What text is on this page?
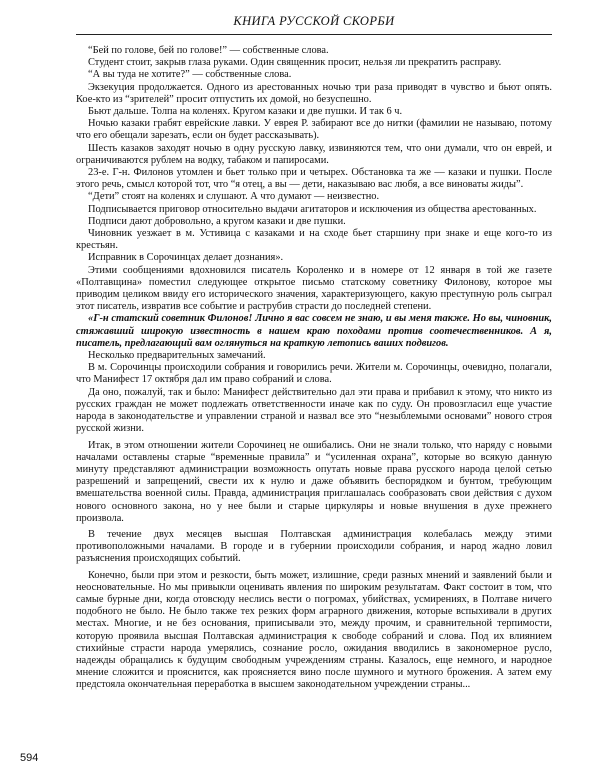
КНИГА РУССКОЙ СКОРБИ

“Бей по голове, бей по голове!” — собственные слова.

Студент стоит, закрыв глаза руками. Один священник просит, нельзя ли прекратить расправу.

“А вы туда не хотите?” — собственные слова.

Экзекуция продолжается. Одного из арестованных ночью три раза приводят в чувство и бьют опять. Кое-кто из “зрителей” просит отпустить их домой, но безуспешно.

Бьют дальше. Толпа на коленях. Кругом казаки и две пушки. И так 6 ч.

Ночью казаки грабят еврейские лавки. У еврея Р. забирают все до нитки (фамилии не называю, потому что его обещали зарезать, если он будет рассказывать).

Шесть казаков заходят ночью в одну русскую лавку, извиняются тем, что они думали, что он еврей, и ограничиваются рублем на водку, табаком и папиросами.

23-е. Г-н. Филонов утомлен и бьет только при и четырех. Обстановка та же — казаки и пушки. После этого речь, смысл которой тот, что “я отец, а вы — дети, наказываю вас любя, а все виноваты жиды”.

“Дети” стоят на коленях и слушают. А что думают — неизвестно.

Подписывается приговор относительно выдачи агитаторов и исключения из общества арестованных.

Подписи дают добровольно, а кругом казаки и две пушки.

Чиновник уезжает в м. Устивица с казаками и на сходе бьет старшину при знаке и еще кого-то из крестьян.

Исправник в Сорочинцах делает дознания».

Этими сообщениями вдохновился писатель Короленко и в номере от 12 января в той же газете «Полтавщина» поместил следующее открытое письмо статскому советнику Филонову, которое мы приводим целиком ввиду его исторического значения, характеризующего, какую преступную роль сыграл этот писатель, извратив все событие и раструбив страсти до последней степени.

«Г-н статский советник Филонов! Лично я вас совсем не знаю, и вы меня также. Но вы, чиновник, стяжавший широкую известность в нашем краю походами против соотечественников. А я, писатель, предлагающий вам оглянуться на краткую летопись ваших подвигов.

Несколько предварительных замечаний.

В м. Сорочинцы происходили собрания и говорились речи. Жители м. Сорочинцы, очевидно, полагали, что Манифест 17 октября дал им право собраний и слова.

Да оно, пожалуй, так и было: Манифест действительно дал эти права и прибавил к этому, что никто из русских граждан не может подлежать ответственности иначе как по суду. Он провозгласил еще участие народа в законодательстве и управлении страной и назвал все это “незыблемыми основами” нового строя русской жизни.

Итак, в этом отношении жители Сорочинец не ошибались. Они не знали только, что наряду с новыми началами оставлены старые “временные правила” и “усиленная охрана”, которые во всякую данную минуту представляют администрации возможность опутать новые права русского народа целой сетью разрешений и запрещений, свести их к нулю и даже объявить беспорядком и бунтом, требующим вмешательства военной силы. Правда, администрация приглашалась сообразовать свои действия с духом нового основного закона, но у нее были и старые циркуляры и новые внушения в духе прежнего произвола.

В течение двух месяцев высшая Полтавская администрация колебалась между этими противоположными началами. В городе и в губернии происходили собрания, и народ жадно ловил разъяснения происходящих событий.

Конечно, были при этом и резкости, быть может, излишние, среди разных мнений и заявлений были и неосновательные. Но мы привыкли оценивать явления по широким результатам. Факт состоит в том, что самые бурные дни, когда отовсюду неслись вести о погромах, убийствах, усмирениях, в Полтаве ничего подобного не было. Не было также тех резких форм аграрного движения, которые вспыхивали в других местах. Многие, и не без основания, приписывали это, между прочим, и сравнительной терпимости, которую проявила высшая Полтавская администрация к свободе собраний и слова. Под их влиянием стихийные страсти народа умерялись, сознание росло, ожидания вводились в закономерное русло, надежды обращались к будущим свободным учреждениям страны. Казалось, еще немного, и народное мнение сложится и прояснится, как проясняется вино после шумного и мутного брожения. А затем ему предстояла окончательная переработка в высшем законодательном учреждении страны...

594
